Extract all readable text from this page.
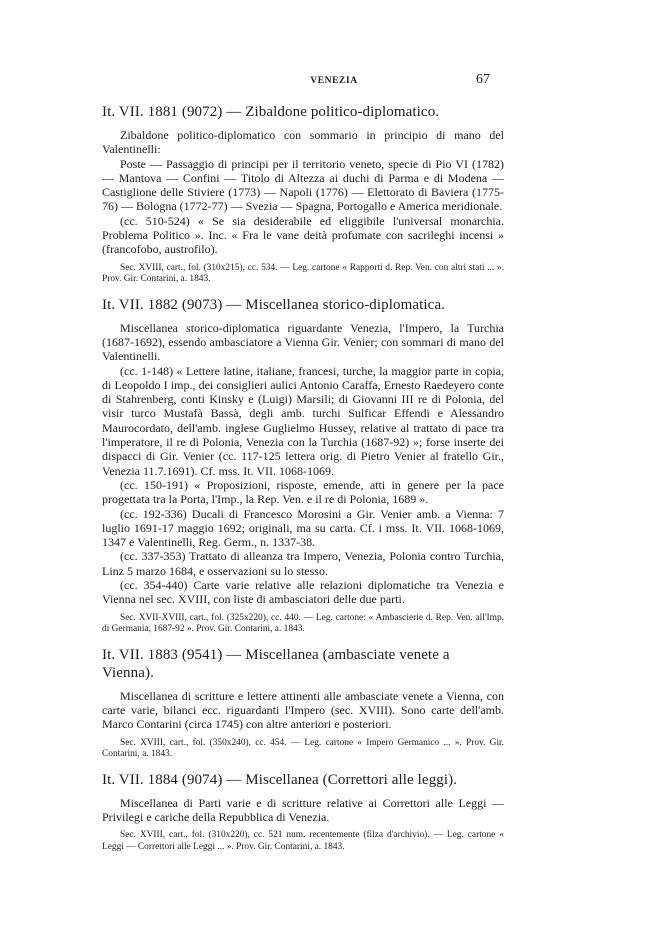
VENEZIA	67
It. VII. 1881 (9072) — Zibaldone politico-diplomatico.

Zibaldone politico-diplomatico con sommario in principio di mano del Valentinelli:

Poste — Passaggio di principi per il territorio veneto, specie di Pio VI (1782) — Mantova — Confini — Titolo di Altezza ai duchi di Parma e di Modena — Castiglione delle Stiviere (1773) — Napoli (1776) — Elettorato di Baviera (1775-76) — Bologna (1772-77) — Svezia — Spagna, Portogallo e America meridionale.

(cc. 510-524) « Se sia desiderabile ed eliggibile l'universal monarchia. Problema Politico ». Inc. « Fra le vane deità profumate con sacrileghi incensi » (francofobo, austrofilo).

Sec. XVIII, cart., fol. (310x215), cc. 534. — Leg. cartone « Rapporti d. Rep. Ven. con altri stati ... ». Prov. Gir. Contarini, a. 1843.

It. VII. 1882 (9073) — Miscellanea storico-diplomatica.

Miscellanea storico-diplomatica riguardante Venezia, l'Impero, la Turchia (1687-1692), essendo ambasciatore a Vienna Gir. Venier; con sommari di mano del Valentinelli.

(cc. 1-148) « Lettere latine, italiane, francesi, turche, la maggior parte in copia, di Leopoldo I imp., dei consiglieri aulici Antonio Caraffa, Ernesto Raedeyero conte di Stahrenberg, conti Kinsky e (Luigi) Marsili; di Giovanni III re di Polonia, del visir turco Mustafà Bassà, degli amb. turchi Sulficar Effendi e Alessandro Maurocordato, dell'amb. inglese Guglielmo Hussey, relative al trattato di pace tra l'imperatore, il re di Polonia, Venezia con la Turchia (1687-92) »; forse inserte dei dispacci di Gir. Venier (cc. 117-125 lettera orig. di Pietro Venier al fratello Gir., Venezia 11.7.1691). Cf. mss. It. VII. 1068-1069.

(cc. 150-191) « Proposizioni, risposte, emende, atti in genere per la pace progettata tra la Porta, l'Imp., la Rep. Ven. e il re di Polonia, 1689 ».

(cc. 192-336) Ducali di Francesco Morosini a Gir. Venier amb. a Vienna: 7 luglio 1691-17 maggio 1692; originali, ma su carta. Cf. i mss. It. VII. 1068-1069, 1347 e Valentinelli, Reg. Germ., n. 1337-38.

(cc. 337-353) Trattato di alleanza tra Impero, Venezia, Polonia contro Turchia, Linz 5 marzo 1684, e osservazioni su lo stesso.

(cc. 354-440) Carte varie relative alle relazioni diplomatiche tra Venezia e Vienna nel sec. XVIII, con liste di ambasciatori delle due parti.

Sec. XVII-XVIII, cart., fol. (325x220), cc. 440. — Leg. cartone: « Ambascierie d. Rep. Ven. all'Imp. di Germania, 1687-92 ». Prov. Gir. Contarini, a. 1843.

It. VII. 1883 (9541) — Miscellanea (ambasciate venete a Vienna).

Miscellanea di scritture e lettere attinenti alle ambasciate venete a Vienna, con carte varie, bilanci ecc. riguardanti l'Impero (sec. XVIII). Sono carte dell'amb. Marco Contarini (circa 1745) con altre anteriori e posteriori.

Sec. XVIII, cart., fol. (350x240), cc. 454. — Leg. cartone « Impero Germanico ... ». Prov. Gir. Contarini, a. 1843.

It. VII. 1884 (9074) — Miscellanea (Correttori alle leggi).

Miscellanea di Parti varie e di scritture relative ai Correttori alle Leggi — Privilegi e cariche della Repubblica di Venezia.

Sec. XVIII, cart., fol. (310x220), cc. 521 num. recentemente (filza d'archivio). — Leg. cartone « Leggi — Correttori alle Leggi ... ». Prov. Gir. Contarini, a. 1843.
